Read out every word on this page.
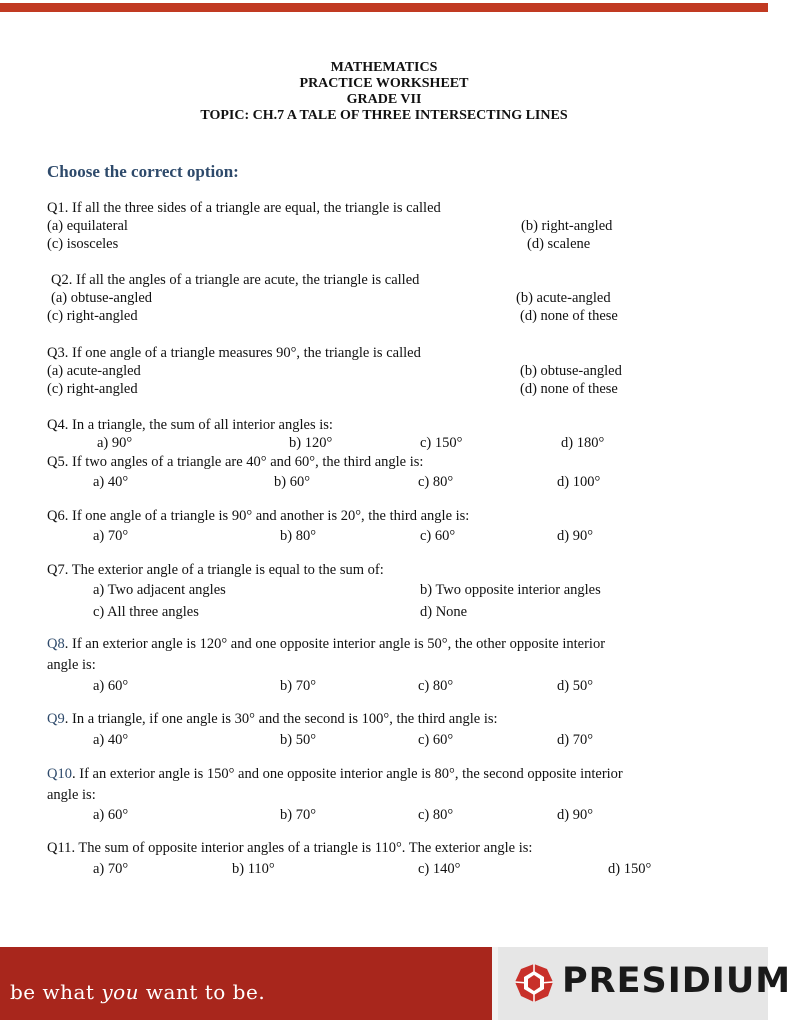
MATHEMATICS
PRACTICE WORKSHEET
GRADE VII
TOPIC: CH.7 A TALE OF THREE INTERSECTING LINES
Choose the correct option:
Q1. If all the three sides of a triangle are equal, the triangle is called
(a) equilateral	(b) right-angled
(c) isosceles	(d) scalene
Q2. If all the angles of a triangle are acute, the triangle is called
(a) obtuse-angled	(b) acute-angled
(c) right-angled	(d) none of these
Q3. If one angle of a triangle measures 90°, the triangle is called
(a) acute-angled	(b) obtuse-angled
(c) right-angled	(d) none of these
Q4. In a triangle, the sum of all interior angles is:
a) 90°	b) 120°	c) 150°	d) 180°
Q5. If two angles of a triangle are 40° and 60°, the third angle is:
a) 40°	b) 60°	c) 80°	d) 100°
Q6. If one angle of a triangle is 90° and another is 20°, the third angle is:
a) 70°	b) 80°	c) 60°	d) 90°
Q7. The exterior angle of a triangle is equal to the sum of:
a) Two adjacent angles	b) Two opposite interior angles
c) All three angles	d) None
Q8. If an exterior angle is 120° and one opposite interior angle is 50°, the other opposite interior
angle is:
a) 60°	b) 70°	c) 80°	d) 50°
Q9. In a triangle, if one angle is 30° and the second is 100°, the third angle is:
a) 40°	b) 50°	c) 60°	d) 70°
Q10. If an exterior angle is 150° and one opposite interior angle is 80°, the second opposite interior
angle is:
a) 60°	b) 70°	c) 80°	d) 90°
Q11. The sum of opposite interior angles of a triangle is 110°. The exterior angle is:
a) 70°	b) 110°	c) 140°	d) 150°
be what you want to be.	PRESIDIUM
